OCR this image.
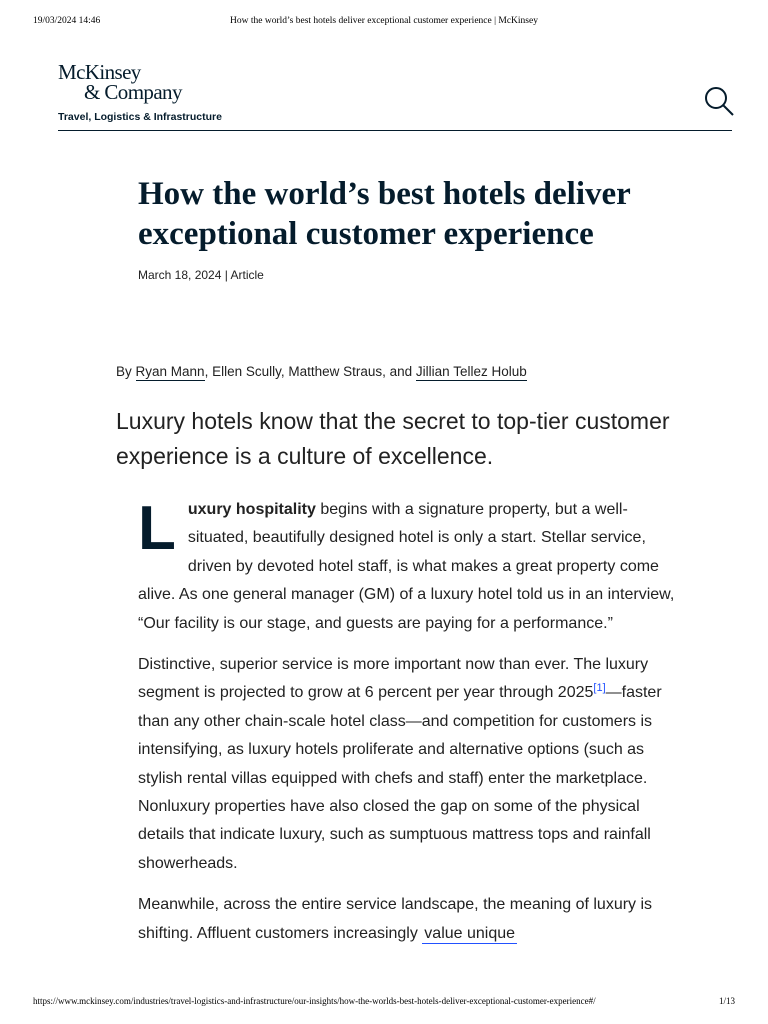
19/03/2024 14:46	How the world’s best hotels deliver exceptional customer experience | McKinsey
McKinsey
& Company
Travel, Logistics & Infrastructure
How the world’s best hotels deliver exceptional customer experience
March 18, 2024 | Article
By Ryan Mann, Ellen Scully, Matthew Straus, and Jillian Tellez Holub

Luxury hotels know that the secret to top-tier customer experience is a culture of excellence.

Luxury hospitality begins with a signature property, but a well-situated, beautifully designed hotel is only a start. Stellar service, driven by devoted hotel staff, is what makes a great property come alive. As one general manager (GM) of a luxury hotel told us in an interview, “Our facility is our stage, and guests are paying for a performance.”

Distinctive, superior service is more important now than ever. The luxury segment is projected to grow at 6 percent per year through 2025[1]—faster than any other chain-scale hotel class—and competition for customers is intensifying, as luxury hotels proliferate and alternative options (such as stylish rental villas equipped with chefs and staff) enter the marketplace. Nonluxury properties have also closed the gap on some of the physical details that indicate luxury, such as sumptuous mattress tops and rainfall showerheads.

Meanwhile, across the entire service landscape, the meaning of luxury is shifting. Affluent customers increasingly value unique

https://www.mckinsey.com/industries/travel-logistics-and-infrastructure/our-insights/how-the-worlds-best-hotels-deliver-exceptional-customer-experience#/	1/13
